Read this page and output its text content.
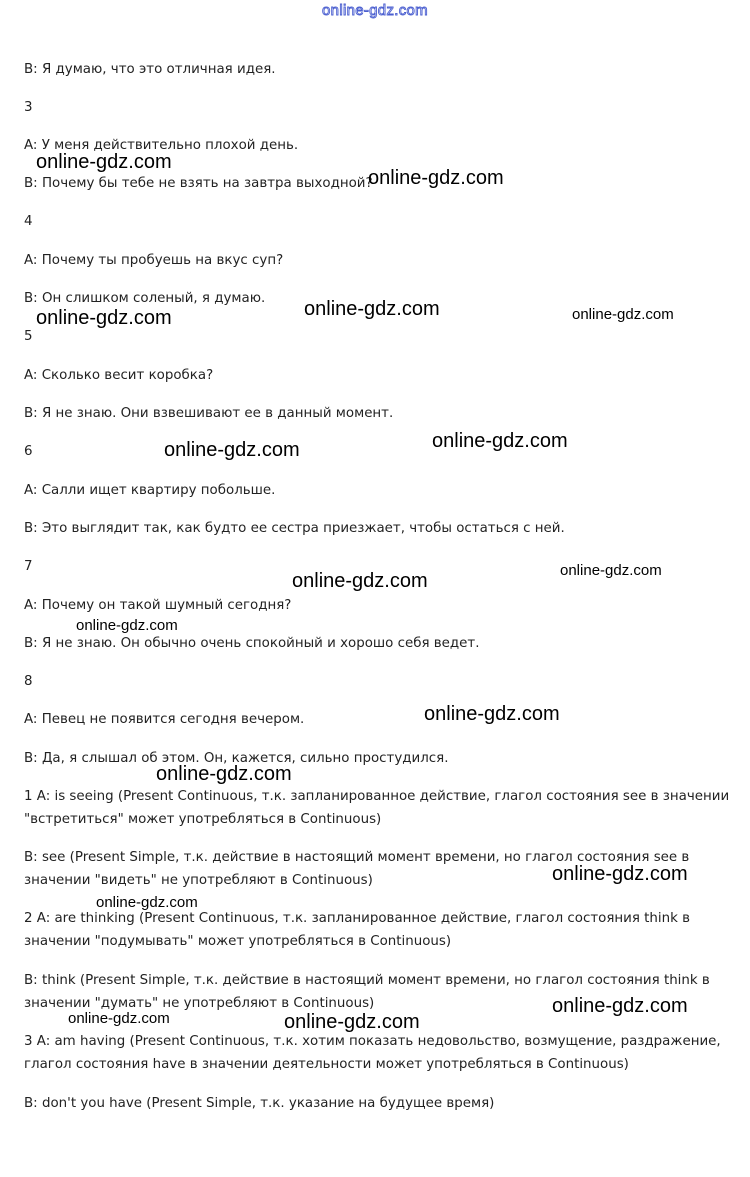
online-gdz.com
B: Я думаю, что это отличная идея.
3
A: У меня действительно плохой день.
B: Почему бы тебе не взять на завтра выходной?
4
A: Почему ты пробуешь на вкус суп?
B: Он слишком соленый, я думаю.
5
A: Сколько весит коробка?
B: Я не знаю. Они взвешивают ее в данный момент.
6
A: Салли ищет квартиру побольше.
B: Это выглядит так, как будто ее сестра приезжает, чтобы остаться с ней.
7
A: Почему он такой шумный сегодня?
B: Я не знаю. Он обычно очень спокойный и хорошо себя ведет.
8
A: Певец не появится сегодня вечером.
B: Да, я слышал об этом. Он, кажется, сильно простудился.
1 A: is seeing (Present Continuous, т.к. запланированное действие, глагол состояния see в значении
"встретиться" может употребляться в Continuous)
B: see (Present Simple, т.к. действие в настоящий момент времени, но глагол состояния see в
значении "видеть" не употребляют в Continuous)
2 A: are thinking (Present Continuous, т.к. запланированное действие, глагол состояния think в
значении "подумывать" может употребляться в Continuous)
B: think (Present Simple, т.к. действие в настоящий момент времени, но глагол состояния think в
значении "думать" не употребляют в Continuous)
3 A: am having (Present Continuous, т.к. хотим показать недовольство, возмущение, раздражение,
глагол состояния have в значении деятельности может употребляться в Continuous)
B: don't you have (Present Simple, т.к. указание на будущее время)
online-gdz.com
online-gdz.com
online-gdz.com	online-gdz.com	online-gdz.com
online-gdz.com	online-gdz.com
online-gdz.com	online-gdz.com
online-gdz.com
online-gdz.com
online-gdz.com
online-gdz.com
online-gdz.com
online-gdz.com
online-gdz.com	online-gdz.com
